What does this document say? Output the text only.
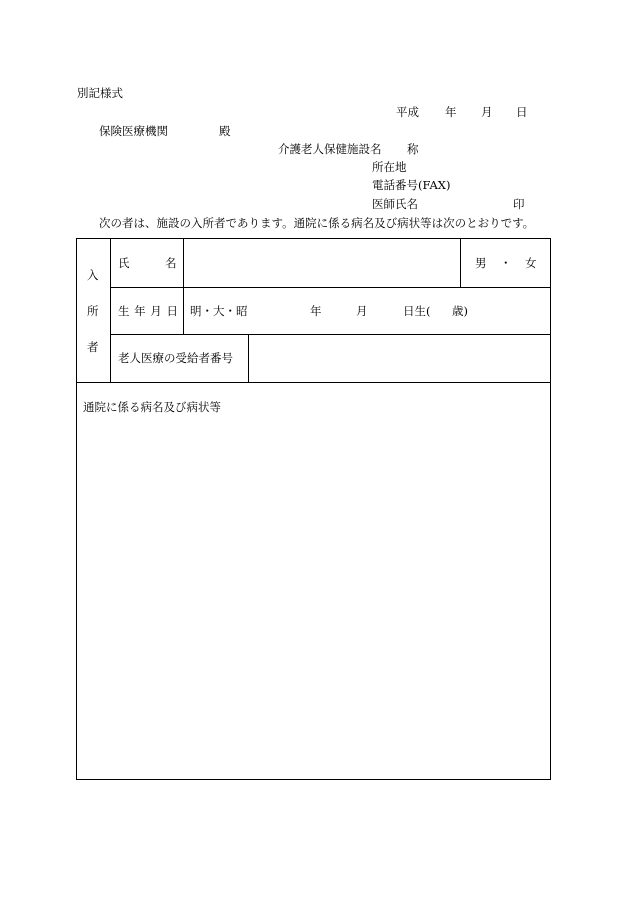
別記様式
平成 年 月 日
保険医療機関	殿
介護老人保健施設名 称
所在地
電話番号(FAX)
医師氏名	印
次の者は、施設の入所者であります。通院に係る病名及び病状等は次のとおりです。
入
所
者
氏	名	男 ・ 女
生 年 月 日 明・大・昭	年	月	日生( 歳)
老人医療の受給者番号
通院に係る病名及び病状等
